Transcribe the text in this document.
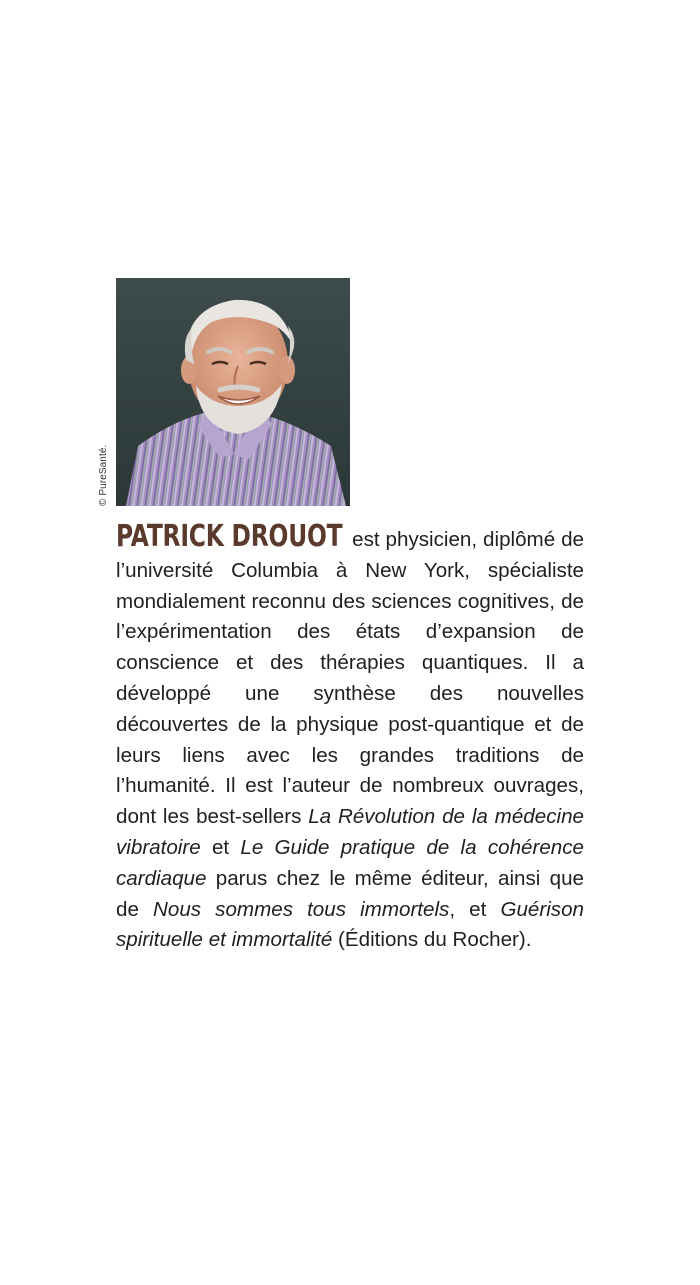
© PureSanté.
PATRICK DROUOT est physicien, diplômé de l’université Columbia à New York, spécialiste mondialement reconnu des sciences cognitives, de l’expérimentation des états d’expansion de conscience et des thérapies quantiques. Il a développé une synthèse des nouvelles découvertes de la physique post-quantique et de leurs liens avec les grandes traditions de l’humanité. Il est l’auteur de nombreux ouvrages, dont les best-sellers La Révolution de la médecine vibratoire et Le Guide pratique de la cohérence cardiaque parus chez le même éditeur, ainsi que de Nous sommes tous immortels, et Guérison spirituelle et immortalité (Éditions du Rocher).
